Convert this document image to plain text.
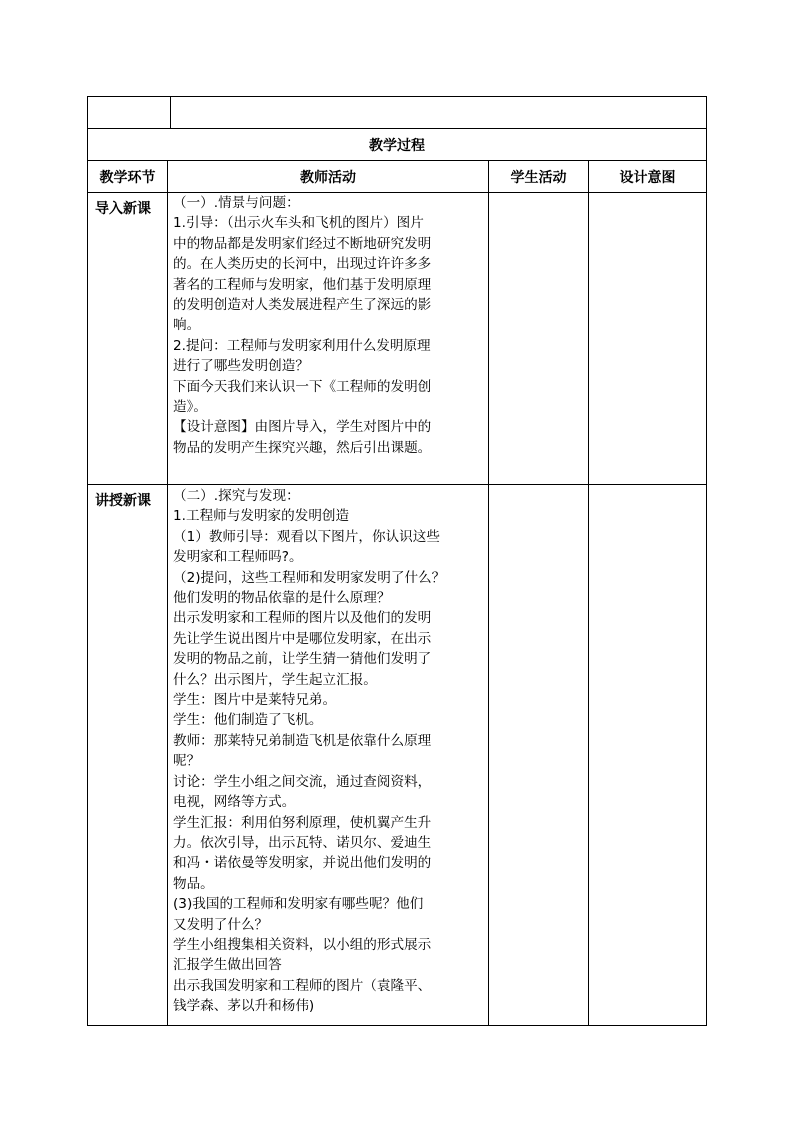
教学过程
教学环节	教师活动	学生活动	设计意图
导入新课 （一）.情景与问题：
1.引导：（出示火车头和飞机的图片）图片
中的物品都是发明家们经过不断地研究发明
的。在人类历史的长河中，出现过许许多多
著名的工程师与发明家，他们基于发明原理
的发明创造对人类发展进程产生了深远的影
响。
2.提问：工程师与发明家利用什么发明原理
进行了哪些发明创造？
下面今天我们来认识一下《工程师的发明创
造》。
【设计意图】由图片导入，学生对图片中的
物品的发明产生探究兴趣，然后引出课题。
讲授新课 （二）.探究与发现：
1.工程师与发明家的发明创造
（1）教师引导：观看以下图片，你认识这些
发明家和工程师吗?。
（2)提问，这些工程师和发明家发明了什么？
他们发明的物品依靠的是什么原理？
出示发明家和工程师的图片以及他们的发明
先让学生说出图片中是哪位发明家，在出示
发明的物品之前，让学生猜一猜他们发明了
什么？出示图片，学生起立汇报。
学生：图片中是莱特兄弟。
学生：他们制造了飞机。
教师：那莱特兄弟制造飞机是依靠什么原理
呢？
讨论：学生小组之间交流，通过查阅资料，
电视，网络等方式。
学生汇报：利用伯努利原理，使机翼产生升
力。依次引导，出示瓦特、诺贝尔、爱迪生
和冯・诺依曼等发明家，并说出他们发明的
物品。
(3)我国的工程师和发明家有哪些呢？他们
又发明了什么？
学生小组搜集相关资料，以小组的形式展示
汇报学生做出回答
出示我国发明家和工程师的图片（袁隆平、
钱学森、茅以升和杨伟)
